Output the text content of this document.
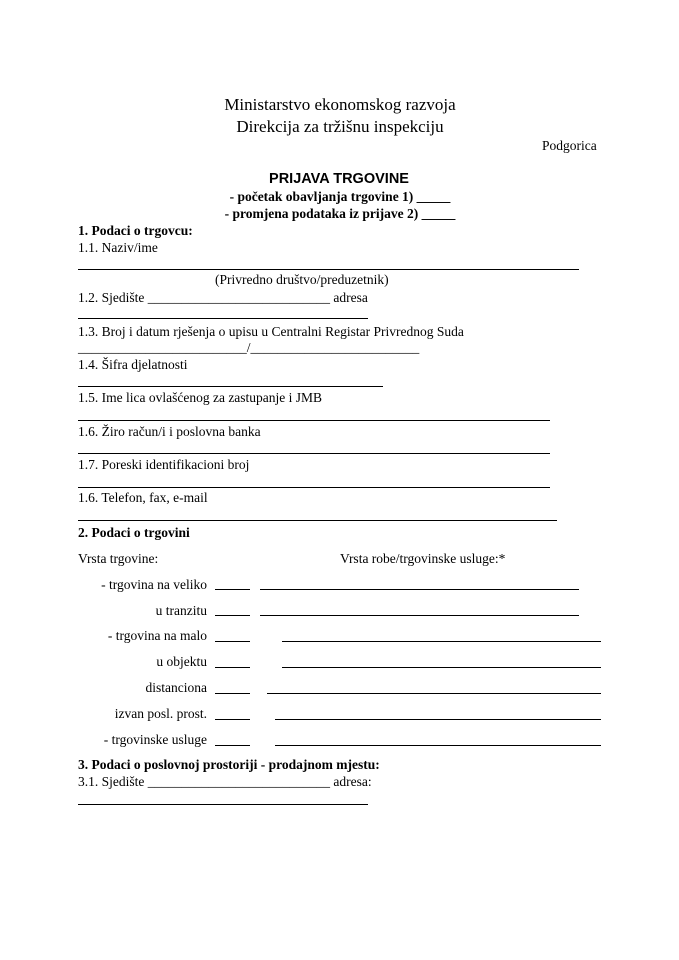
Ministarstvo ekonomskog razvoja
Direkcija za tržišnu inspekciju
Podgorica
PRIJAVA TRGOVINE
- početak obavljanja trgovine 1) _____
- promjena podataka iz prijave 2) _____
1. Podaci o trgovcu:
1.1. Naziv/ime
(Privredno društvo/preduzetnik)
1.2. Sjedište ___________________________ adresa
1.3. Broj i datum rješenja o upisu u Centralni Registar Privrednog Suda
_________________________/_________________________
1.4. Šifra djelatnosti
1.5. Ime lica ovlašćenog za zastupanje i JMB
1.6. Žiro račun/i i poslovna banka
1.7. Poreski identifikacioni broj
1.6. Telefon, fax, e-mail
2. Podaci o trgovini
Vrsta trgovine:	Vrsta robe/trgovinske usluge:*
- trgovina na veliko
u tranzitu
- trgovina na malo
u objektu
distanciona
izvan posl. prost.
- trgovinske usluge
3. Podaci o poslovnoj prostoriji - prodajnom mjestu:
3.1. Sjedište ___________________________ adresa:
